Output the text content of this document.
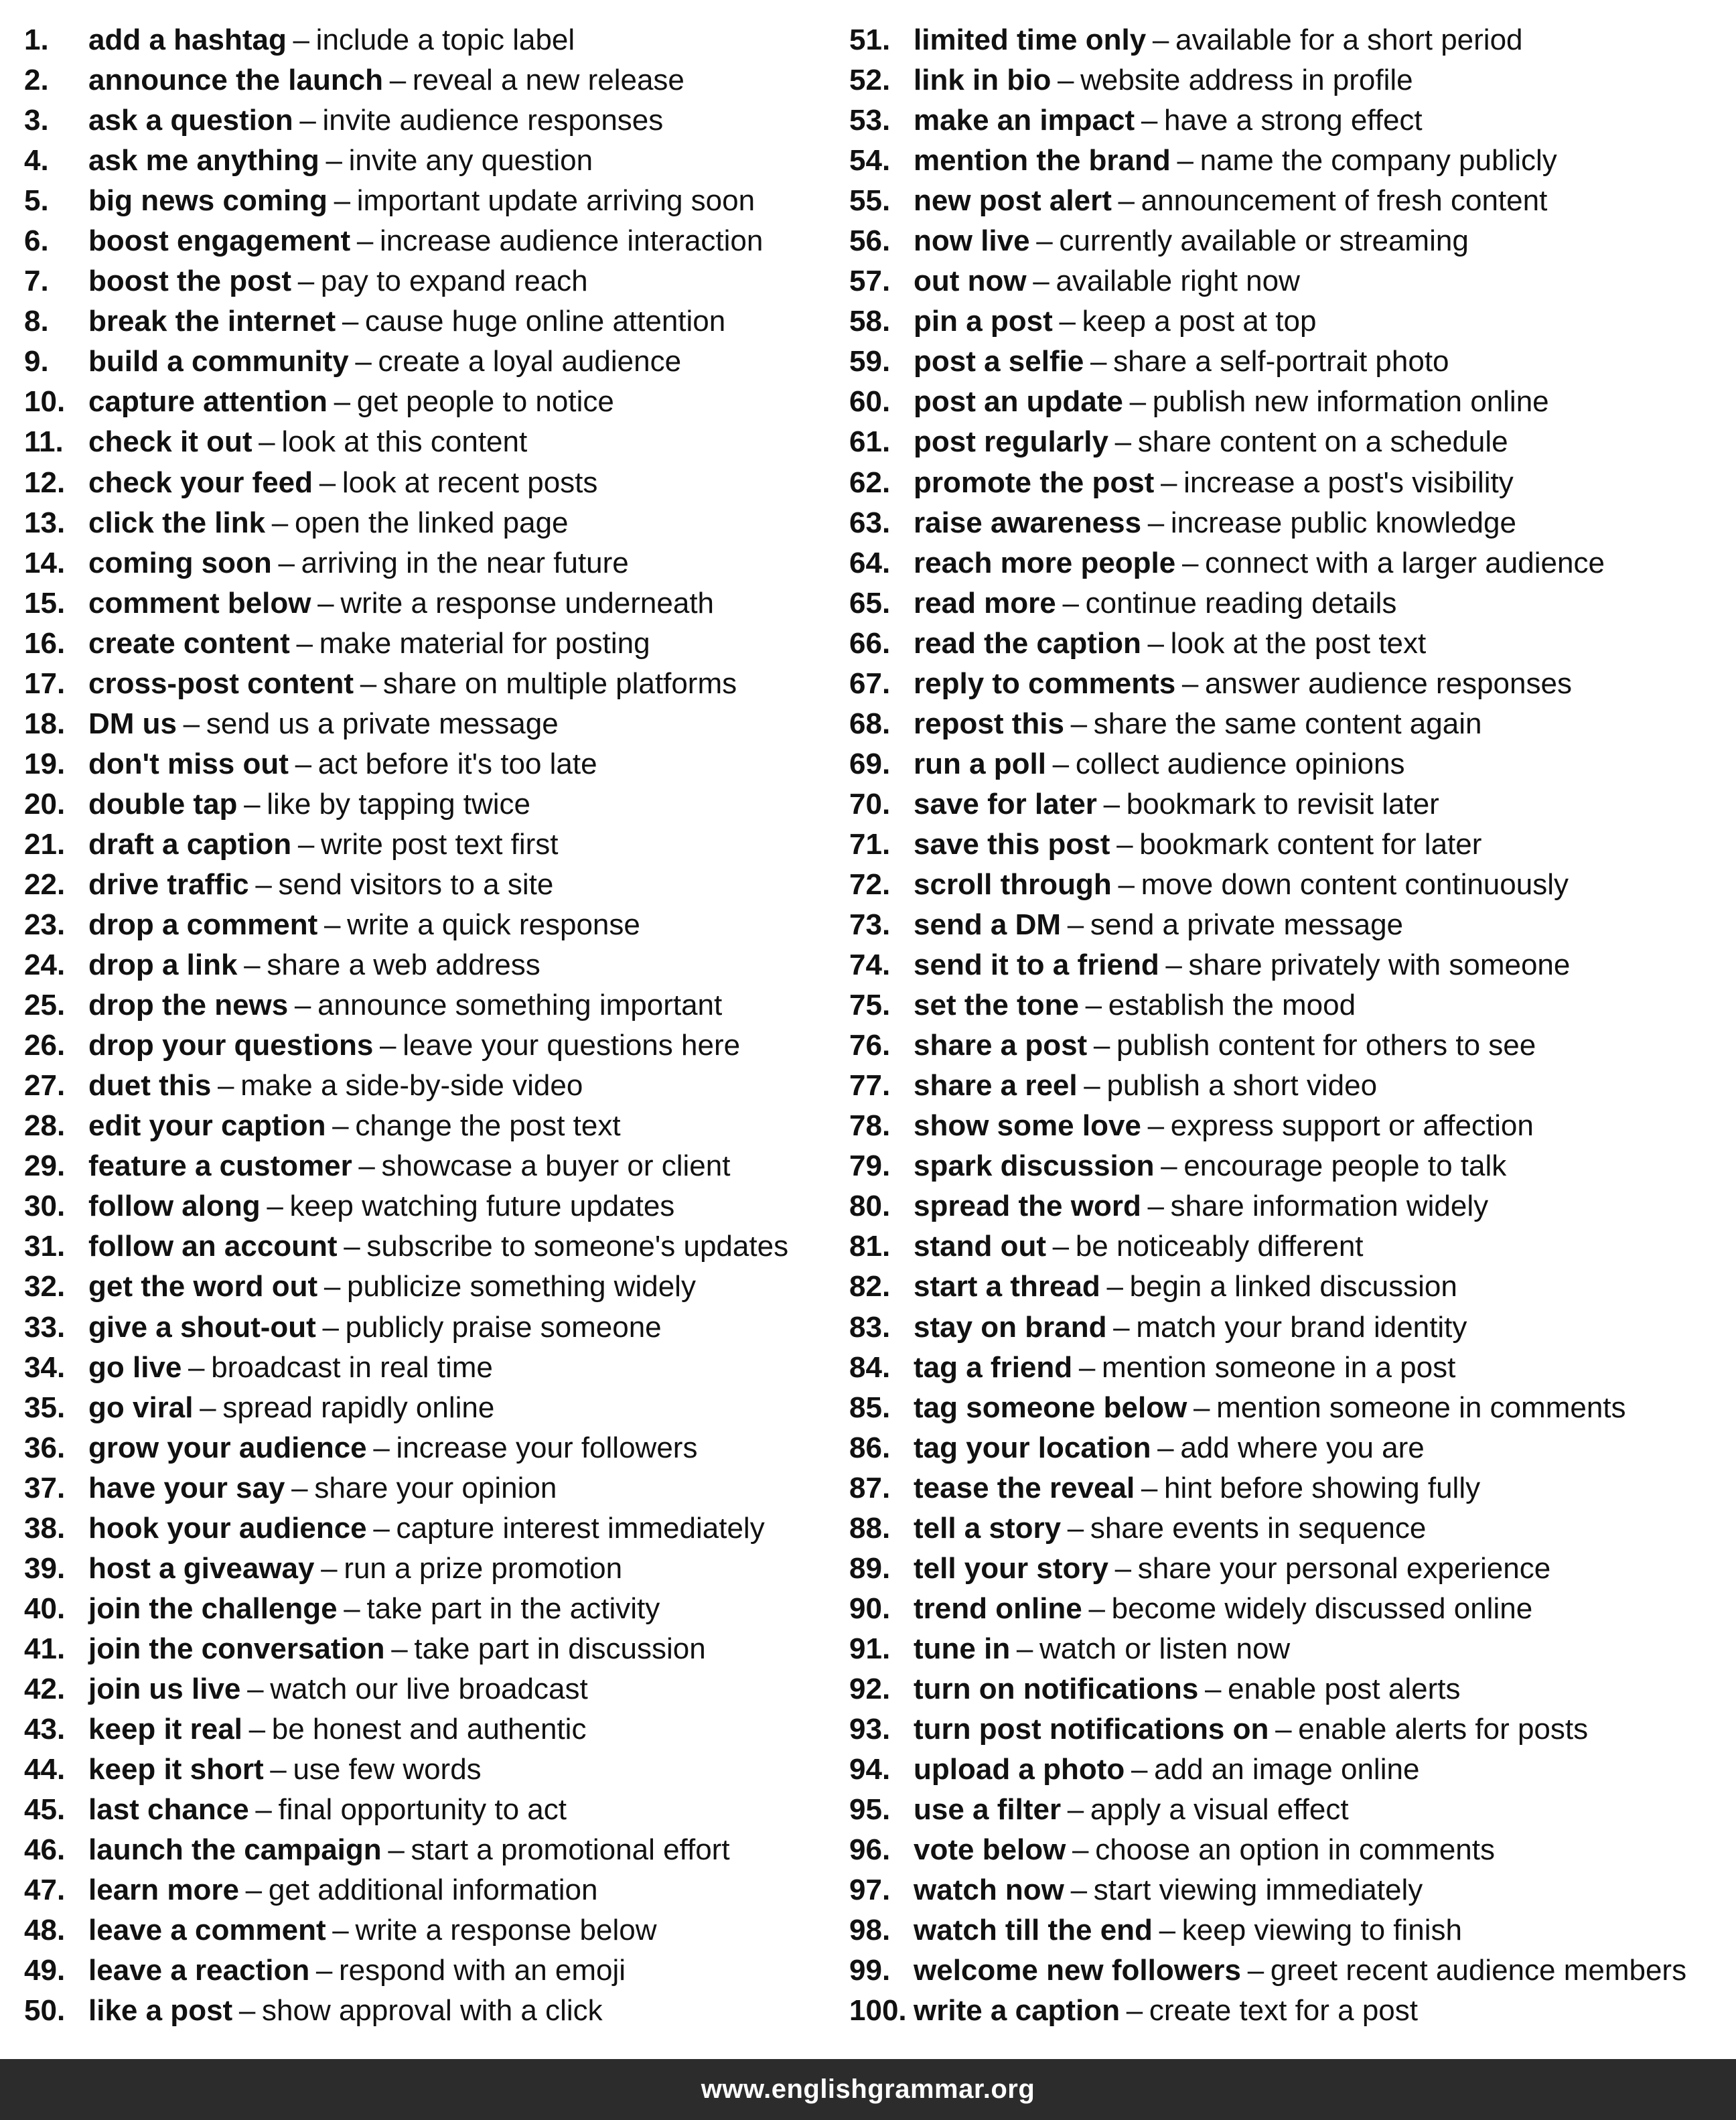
1.	add a hashtag – include a topic label
2.	announce the launch – reveal a new release
3.	ask a question – invite audience responses
4.	ask me anything – invite any question
5.	big news coming – important update arriving soon
6.	boost engagement – increase audience interaction
7.	boost the post – pay to expand reach
8.	break the internet – cause huge online attention
9.	build a community – create a loyal audience
10. capture attention – get people to notice
11. check it out – look at this content
12. check your feed – look at recent posts
13. click the link – open the linked page
14. coming soon – arriving in the near future
15. comment below – write a response underneath
16. create content – make material for posting
17. cross-post content – share on multiple platforms
18. DM us – send us a private message
19. don't miss out – act before it's too late
20. double tap – like by tapping twice
21. draft a caption – write post text first
22. drive traffic – send visitors to a site
23. drop a comment – write a quick response
24. drop a link – share a web address
25. drop the news – announce something important
26. drop your questions – leave your questions here
27. duet this – make a side-by-side video
28. edit your caption – change the post text
29. feature a customer – showcase a buyer or client
30. follow along – keep watching future updates
31. follow an account – subscribe to someone's updates
32. get the word out – publicize something widely
33. give a shout-out – publicly praise someone
34. go live – broadcast in real time
35. go viral – spread rapidly online
36. grow your audience – increase your followers
37. have your say – share your opinion
38. hook your audience – capture interest immediately
39. host a giveaway – run a prize promotion
40. join the challenge – take part in the activity
41. join the conversation – take part in discussion
42. join us live – watch our live broadcast
43. keep it real – be honest and authentic
44. keep it short – use few words
45. last chance – final opportunity to act
46. launch the campaign – start a promotional effort
47. learn more – get additional information
48. leave a comment – write a response below
49. leave a reaction – respond with an emoji
50. like a post – show approval with a click
51. limited time only – available for a short period
52. link in bio – website address in profile
53. make an impact – have a strong effect
54. mention the brand – name the company publicly
55. new post alert – announcement of fresh content
56. now live – currently available or streaming
57. out now – available right now
58. pin a post – keep a post at top
59. post a selfie – share a self-portrait photo
60. post an update – publish new information online
61. post regularly – share content on a schedule
62. promote the post – increase a post's visibility
63. raise awareness – increase public knowledge
64. reach more people – connect with a larger audience
65. read more – continue reading details
66. read the caption – look at the post text
67. reply to comments – answer audience responses
68. repost this – share the same content again
69. run a poll – collect audience opinions
70. save for later – bookmark to revisit later
71. save this post – bookmark content for later
72. scroll through – move down content continuously
73. send a DM – send a private message
74. send it to a friend – share privately with someone
75. set the tone – establish the mood
76. share a post – publish content for others to see
77. share a reel – publish a short video
78. show some love – express support or affection
79. spark discussion – encourage people to talk
80. spread the word – share information widely
81. stand out – be noticeably different
82. start a thread – begin a linked discussion
83. stay on brand – match your brand identity
84. tag a friend – mention someone in a post
85. tag someone below – mention someone in comments
86. tag your location – add where you are
87. tease the reveal – hint before showing fully
88. tell a story – share events in sequence
89. tell your story – share your personal experience
90. trend online – become widely discussed online
91. tune in – watch or listen now
92. turn on notifications – enable post alerts
93. turn post notifications on – enable alerts for posts
94. upload a photo – add an image online
95. use a filter – apply a visual effect
96. vote below – choose an option in comments
97. watch now – start viewing immediately
98. watch till the end – keep viewing to finish
99. welcome new followers – greet recent audience members
100. write a caption – create text for a post
www.englishgrammar.org
